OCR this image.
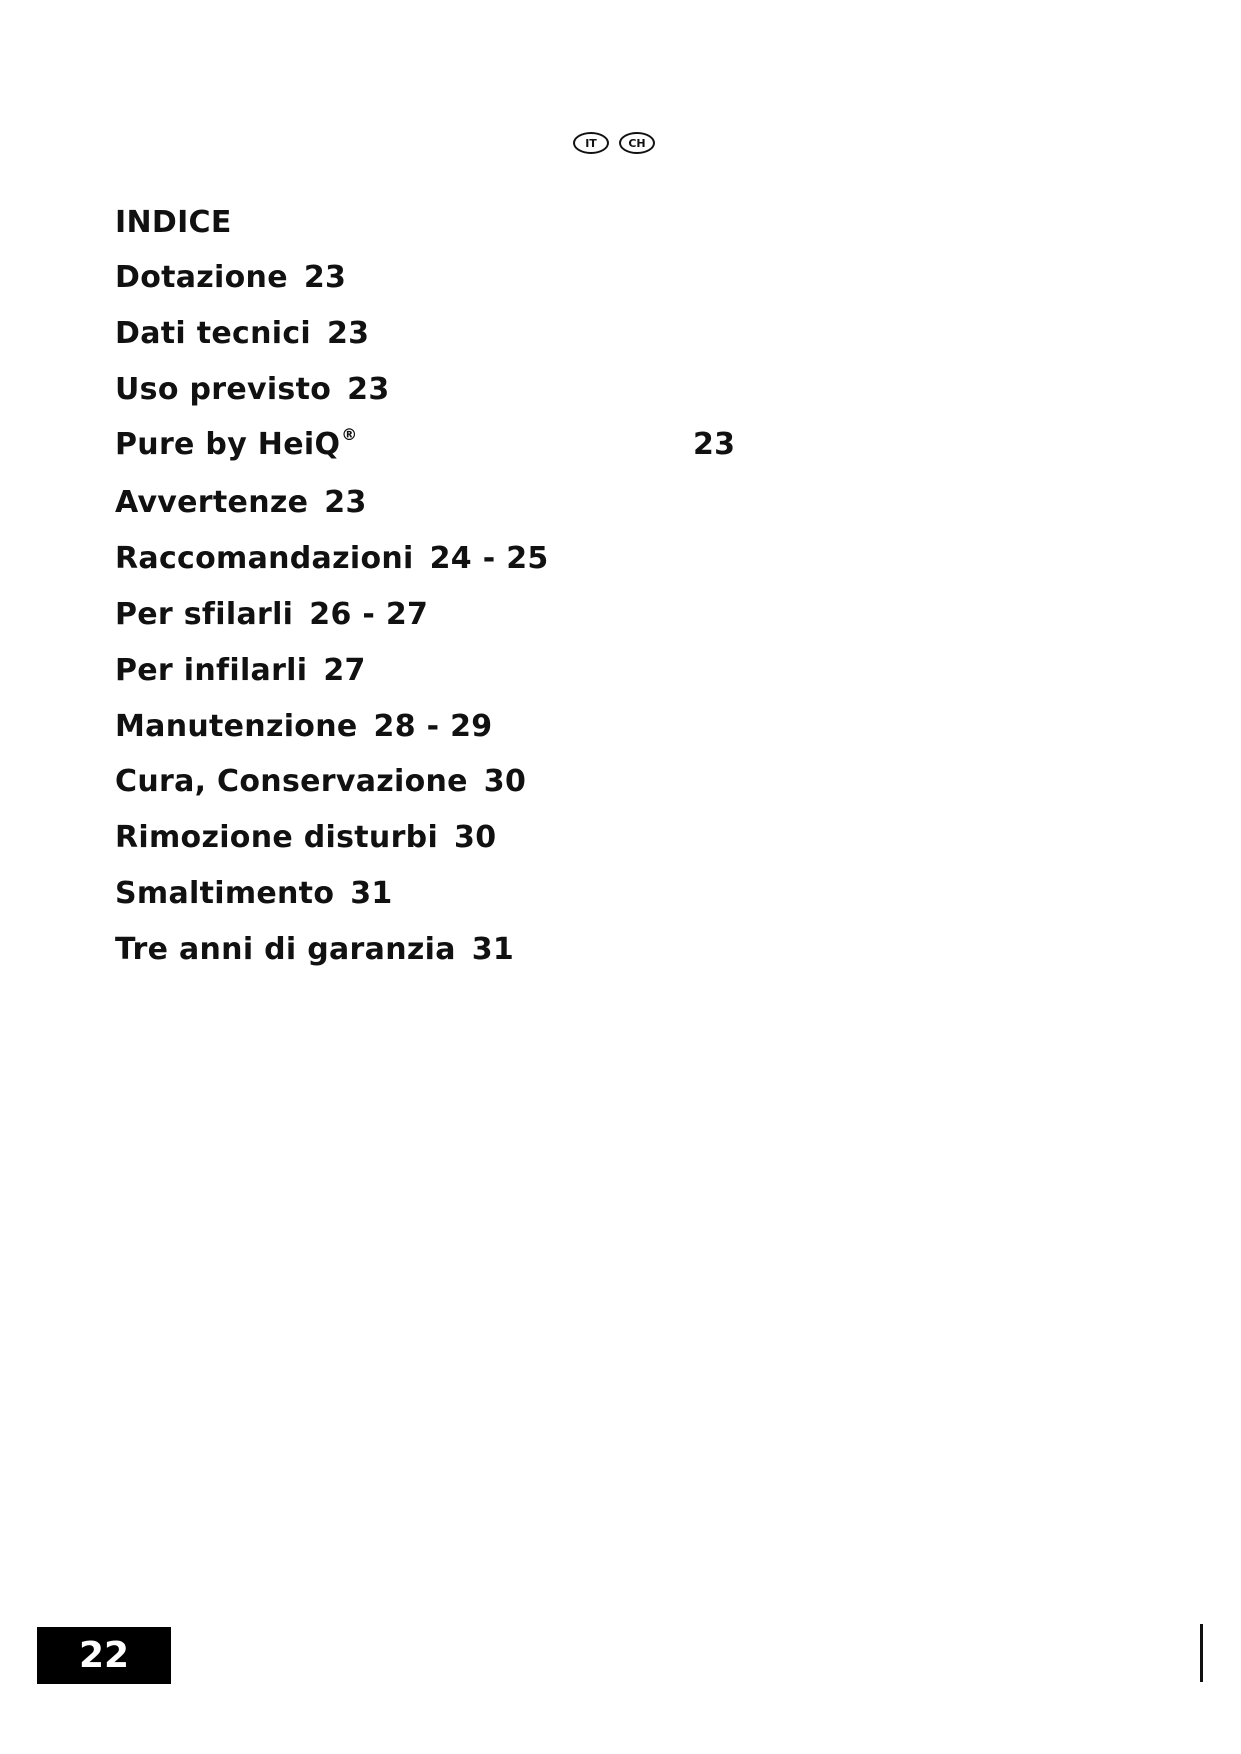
IT	CH
INDICE
Dotazione 23
Dati tecnici 23
Uso previsto 23
Pure by HeiQ®	23
Avvertenze 23
Raccomandazioni 24 - 25
Per sfilarli 26 - 27
Per infilarli 27
Manutenzione 28 - 29
Cura, Conservazione 30
Rimozione disturbi 30
Smaltimento 31
Tre anni di garanzia 31
22
